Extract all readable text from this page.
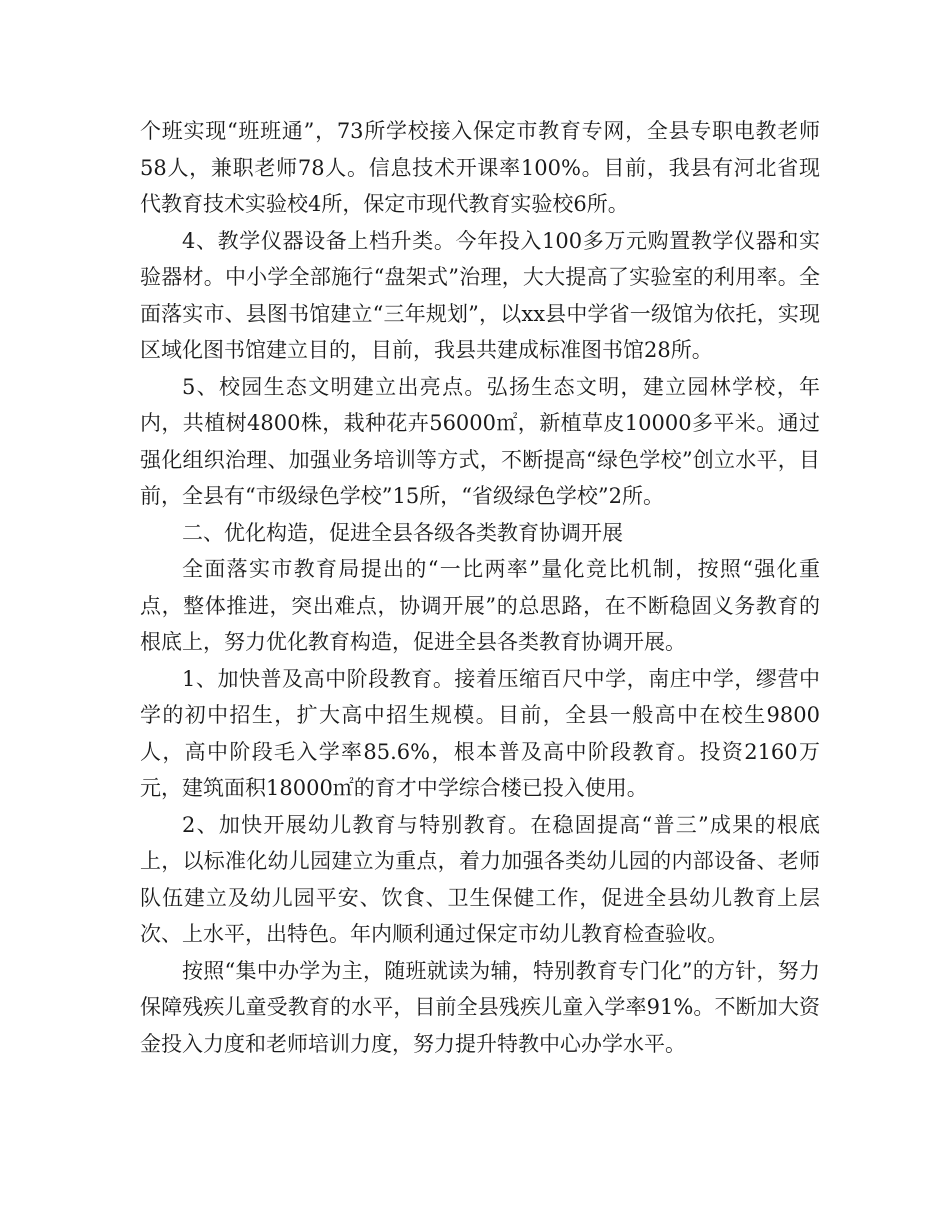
个班实现“班班通”，73所学校接入保定市教育专网，全县专职电教老师58人，兼职老师78人。信息技术开课率100%。目前，我县有河北省现代教育技术实验校4所，保定市现代教育实验校6所。

4、教学仪器设备上档升类。今年投入100多万元购置教学仪器和实验器材。中小学全部施行“盘架式”治理，大大提高了实验室的利用率。全面落实市、县图书馆建立“三年规划”，以xx县中学省一级馆为依托，实现区域化图书馆建立目的，目前，我县共建成标准图书馆28所。

5、校园生态文明建立出亮点。弘扬生态文明，建立园林学校，年内，共植树4800株，栽种花卉56000㎡，新植草皮10000多平米。通过强化组织治理、加强业务培训等方式，不断提高“绿色学校”创立水平，目前，全县有“市级绿色学校”15所，“省级绿色学校”2所。

二、优化构造，促进全县各级各类教育协调开展

全面落实市教育局提出的“一比两率”量化竞比机制，按照“强化重点，整体推进，突出难点，协调开展”的总思路，在不断稳固义务教育的根底上，努力优化教育构造，促进全县各类教育协调开展。

1、加快普及高中阶段教育。接着压缩百尺中学，南庄中学，缪营中学的初中招生，扩大高中招生规模。目前，全县一般高中在校生9800人，高中阶段毛入学率85.6%，根本普及高中阶段教育。投资2160万元，建筑面积18000㎡的育才中学综合楼已投入使用。

2、加快开展幼儿教育与特别教育。在稳固提高“普三”成果的根底上，以标准化幼儿园建立为重点，着力加强各类幼儿园的内部设备、老师队伍建立及幼儿园平安、饮食、卫生保健工作，促进全县幼儿教育上层次、上水平，出特色。年内顺利通过保定市幼儿教育检查验收。

按照“集中办学为主，随班就读为辅，特别教育专门化”的方针，努力保障残疾儿童受教育的水平，目前全县残疾儿童入学率91%。不断加大资金投入力度和老师培训力度，努力提升特教中心办学水平。
